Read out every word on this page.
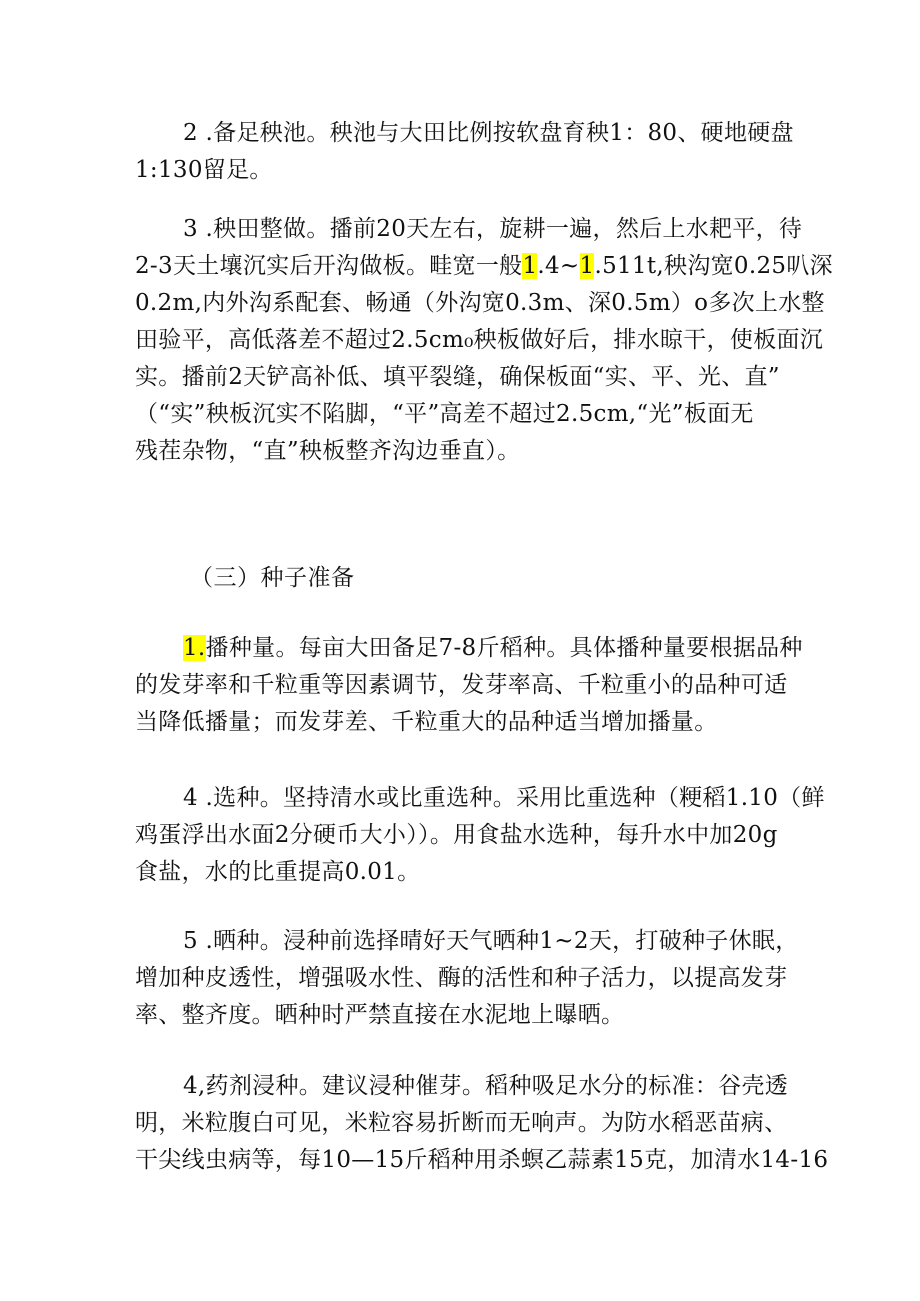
2 .备足秧池。秧池与大田比例按软盘育秧1：80、硬地硬盘
1:130留足。
3 .秧田整做。播前20天左右，旋耕一遍，然后上水耙平，待
2-3天土壤沉实后开沟做板。畦宽一般1.4~1.511t,秧沟宽0.25叭深
0.2m,内外沟系配套、畅通（外沟宽0.3m、深0.5m）o多次上水整
田验平，高低落差不超过2.5cm₀秧板做好后，排水晾干，使板面沉
实。播前2天铲高补低、填平裂缝，确保板面“实、平、光、直”
（“实”秧板沉实不陷脚，“平”高差不超过2.5cm,“光”板面无
残茬杂物，“直”秧板整齐沟边垂直）。
（三）种子准备
1.播种量。每亩大田备足7-8斤稻种。具体播种量要根据品种
的发芽率和千粒重等因素调节，发芽率高、千粒重小的品种可适
当降低播量；而发芽差、千粒重大的品种适当增加播量。
4 .选种。坚持清水或比重选种。采用比重选种（粳稻1.10（鲜
鸡蛋浮出水面2分硬币大小））。用食盐水选种，每升水中加20g
食盐，水的比重提高0.01。
5 .晒种。浸种前选择晴好天气晒种1~2天，打破种子休眠，
增加种皮透性，增强吸水性、酶的活性和种子活力，以提高发芽
率、整齐度。晒种时严禁直接在水泥地上曝晒。
4,药剂浸种。建议浸种催芽。稻种吸足水分的标准：谷壳透
明，米粒腹白可见，米粒容易折断而无响声。为防水稻恶苗病、
干尖线虫病等，每10—15斤稻种用杀螟乙蒜素15克，加清水14-16
